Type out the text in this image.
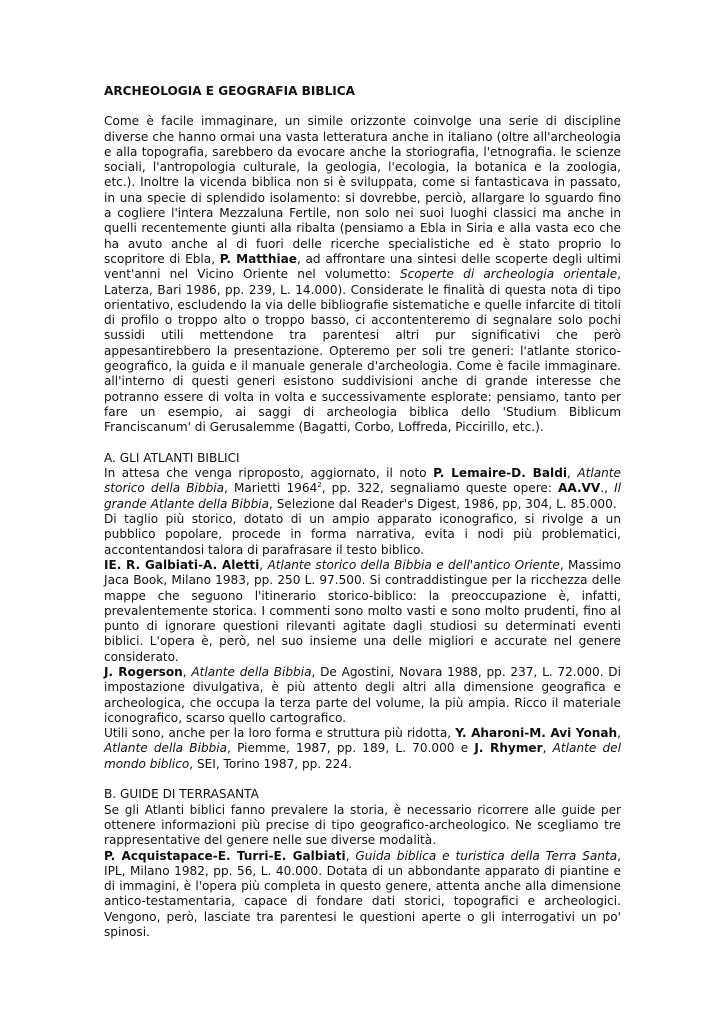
ARCHEOLOGIA E GEOGRAFIA BIBLICA

Come è facile immaginare, un simile orizzonte coinvolge una serie di discipline diverse che hanno ormai una vasta letteratura anche in italiano (oltre all'archeologia e alla topografia, sarebbero da evocare anche la storiografia, l'etnografia. le scienze sociali, l'antropologia culturale, la geologia, l'ecologia, la botanica e la zoologia, etc.). Inoltre la vicenda biblica non si è sviluppata, come si fantasticava in passato, in una specie di splendido isolamento: si dovrebbe, perciò, allargare lo sguardo fino a cogliere l'intera Mezzaluna Fertile, non solo nei suoi luoghi classici ma anche in quelli recentemente giunti alla ribalta (pensiamo a Ebla in Siria e alla vasta eco che ha avuto anche al di fuori delle ricerche specialistiche ed è stato proprio lo scopritore di Ebla, P. Matthiae, ad affrontare una sintesi delle scoperte degli ultimi vent'anni nel Vicino Oriente nel volumetto: Scoperte di archeologia orientale, Laterza, Bari 1986, pp. 239, L. 14.000). Considerate le finalità di questa nota di tipo orientativo, escludendo la via delle bibliografie sistematiche e quelle infarcite di titoli di profilo o troppo alto o troppo basso, ci accontenteremo di segnalare solo pochi sussidi utili mettendone tra parentesi altri pur significativi che però appesantirebbero la presentazione. Opteremo per soli tre generi: l'atlante storico-geografico, la guida e il manuale generale d'archeologia. Come è facile immaginare. all'interno di questi generi esistono suddivisioni anche di grande interesse che potranno essere di volta in volta e successivamente esplorate: pensiamo, tanto per fare un esempio, ai saggi di archeologia biblica dello 'Studium Biblicum Franciscanum' di Gerusalemme (Bagatti, Corbo, Loffreda, Piccirillo, etc.).

A. GLI ATLANTI BIBLICI

In attesa che venga riproposto, aggiornato, il noto P. Lemaire-D. Baldi, Atlante storico della Bibbia, Marietti 1964$^2$, pp. 322, segnaliamo queste opere: AA.VV., Il grande Atlante della Bibbia, Selezione dal Reader's Digest, 1986, pp, 304, L. 85.000.

Di taglio più storico, dotato di un ampio apparato iconografico, si rivolge a un pubblico popolare, procede in forma narrativa, evita i nodi più problematici, accontentandosi talora di parafrasare il testo biblico.

IE. R. Galbiati-A. Aletti, Atlante storico della Bibbia e dell'antico Oriente, Massimo Jaca Book, Milano 1983, pp. 250 L. 97.500. Si contraddistingue per la ricchezza delle mappe che seguono l'itinerario storico-biblico: la preoccupazione è, infatti, prevalentemente storica. I commenti sono molto vasti e sono molto prudenti, fino al punto di ignorare questioni rilevanti agitate dagli studiosi su determinati eventi biblici. L'opera è, però, nel suo insieme una delle migliori e accurate nel genere considerato.

J. Rogerson, Atlante della Bibbia, De Agostini, Novara 1988, pp. 237, L. 72.000. Di impostazione divulgativa, è più attento degli altri alla dimensione geografica e archeologica, che occupa la terza parte del volume, la più ampia. Ricco il materiale iconografico, scarso quello cartografico.

Utili sono, anche per la loro forma e struttura più ridotta, Y. Aharoni-M. Avi Yonah, Atlante della Bibbia, Piemme, 1987, pp. 189, L. 70.000 e J. Rhymer, Atlante del mondo biblico, SEI, Torino 1987, pp. 224.

B. GUIDE DI TERRASANTA

Se gli Atlanti biblici fanno prevalere la storia, è necessario ricorrere alle guide per ottenere informazioni più precise di tipo geografico-archeologico. Ne scegliamo tre rappresentative del genere nelle sue diverse modalità.

P. Acquistapace-E. Turri-E. Galbiati, Guida biblica e turistica della Terra Santa, IPL, Milano 1982, pp. 56, L. 40.000. Dotata di un abbondante apparato di piantine e di immagini, è l'opera più completa in questo genere, attenta anche alla dimensione antico-testamentaria, capace di fondare dati storici, topografici e archeologici. Vengono, però, lasciate tra parentesi le questioni aperte o gli interrogativi un po' spinosi.
